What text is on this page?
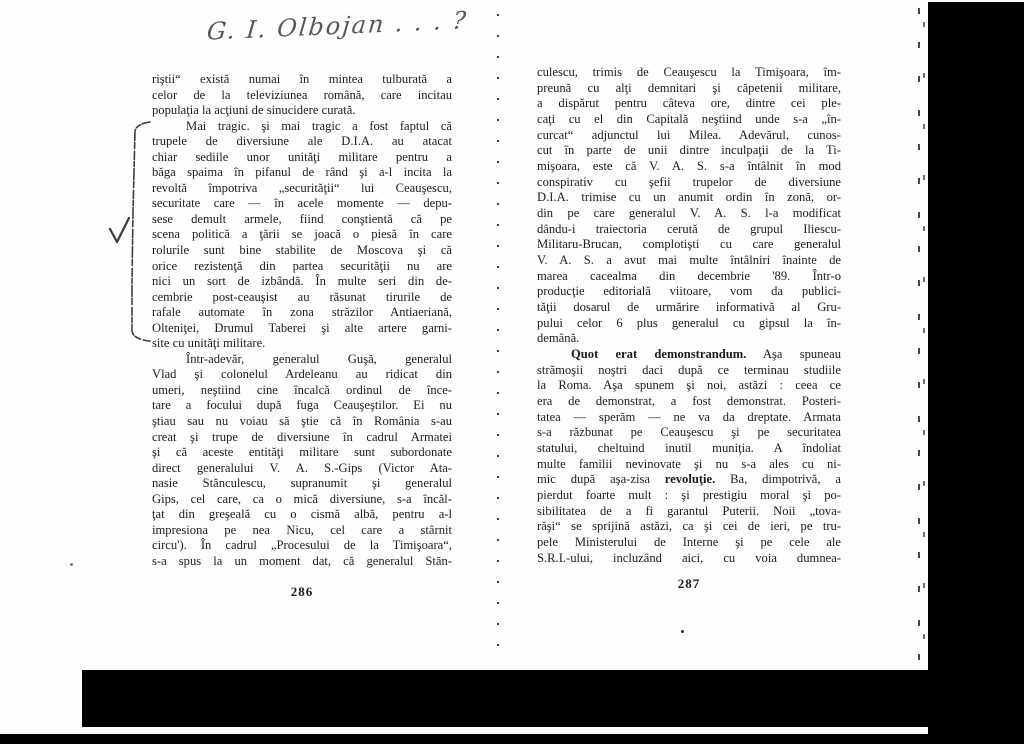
G. I. Olbojan . . . ?
riştii“ există numai în mintea tulburată a
celor de la televiziunea română, care incitau
populaţia la acţiuni de sinucidere curată.
Mai tragic. şi mai tragic a fost faptul că
trupele de diversiune ale D.I.A. au atacat
chiar sediile unor unităţi militare pentru a
băga spaima în pifanul de rând şi a-l incita la
revoltă împotriva „securităţii“ lui Ceauşescu,
securitate care — în acele momente — depu-
sese demult armele, fiind conştientă că pe
scena politică a ţării se joacă o piesă în care
rolurile sunt bine stabilite de Moscova şi că
orice rezistenţă din partea securităţii nu are
nici un sort de izbândă. În multe seri din de-
cembrie post-ceauşist au răsunat tirurile de
rafale automate în zona străzilor Antiaeriană,
Olteniţei, Drumul Taberei şi alte artere garni-
site cu unităţi militare.
Într-adevăr, generalul Guşă, generalul
Vlad şi colonelul Ardeleanu au ridicat din
umeri, neştiind cine încalcă ordinul de înce-
tare a focului după fuga Ceauşeştilor. Ei nu
ştiau sau nu voiau să ştie că în România s-au
creat şi trupe de diversiune în cadrul Armatei
şi că aceste entităţi militare sunt subordonate
direct generalului V. A. S.-Gips (Victor Ata-
nasie Stănculescu, supranumit şi generalul
Gips, cel care, ca o mică diversiune, s-a încăl-
ţat din greşeală cu o cismă albă, pentru a-l
impresiona pe nea Nicu, cel care a stârnit
circu'). În cadrul „Procesului de la Timişoara“,
s-a spus la un moment dat, că generalul Stăn-
286
culescu, trimis de Ceauşescu la Timişoara, îm-
preună cu alţi demnitari şi căpetenii militare,
a dispărut pentru câteva ore, dintre cei ple-
caţi cu el din Capitală neştiind unde s-a „în-
curcat“ adjunctul lui Milea. Adevărul, cunos-
cut în parte de unii dintre inculpaţii de la Ti-
mişoara, este că V. A. S. s-a întâlnit în mod
conspirativ cu şefii trupelor de diversiune
D.I.A. trimise cu un anumit ordin în zonă, or-
din pe care generalul V. A. S. l-a modificat
dându-i traiectoria cerută de grupul Iliescu-
Militaru-Brucan, complotişti cu care generalul
V. A. S. a avut mai multe întâlniri înainte de
marea cacealma din decembrie '89. Într-o
producţie editorială viitoare, vom da publici-
tăţii dosarul de urmărire informativă al Gru-
pului celor 6 plus generalul cu gipsul la în-
demână.
Quot erat demonstrandum. Aşa spuneau
strămoşii noştri daci după ce terminau studiile
la Roma. Aşa spunem şi noi, astăzi : ceea ce
era de demonstrat, a fost demonstrat. Posteri-
tatea — sperăm — ne va da dreptate. Armata
s-a răzbunat pe Ceauşescu şi pe securitatea
statului, cheltuind inutil muniţia. A îndoliat
multe familii nevinovate şi nu s-a ales cu ni-
mic după aşa-zisa revoluţie. Ba, dimpotrivă, a
pierdut foarte mult : şi prestigiu moral şi po-
sibilitatea de a fi garantul Puterii. Noii „tova-
răşi“ se sprijină astăzi, ca şi cei de ieri, pe tru-
pele Ministerului de Interne şi pe cele ale
S.R.I.-ului, incluzând aici, cu voia dumnea-
287
